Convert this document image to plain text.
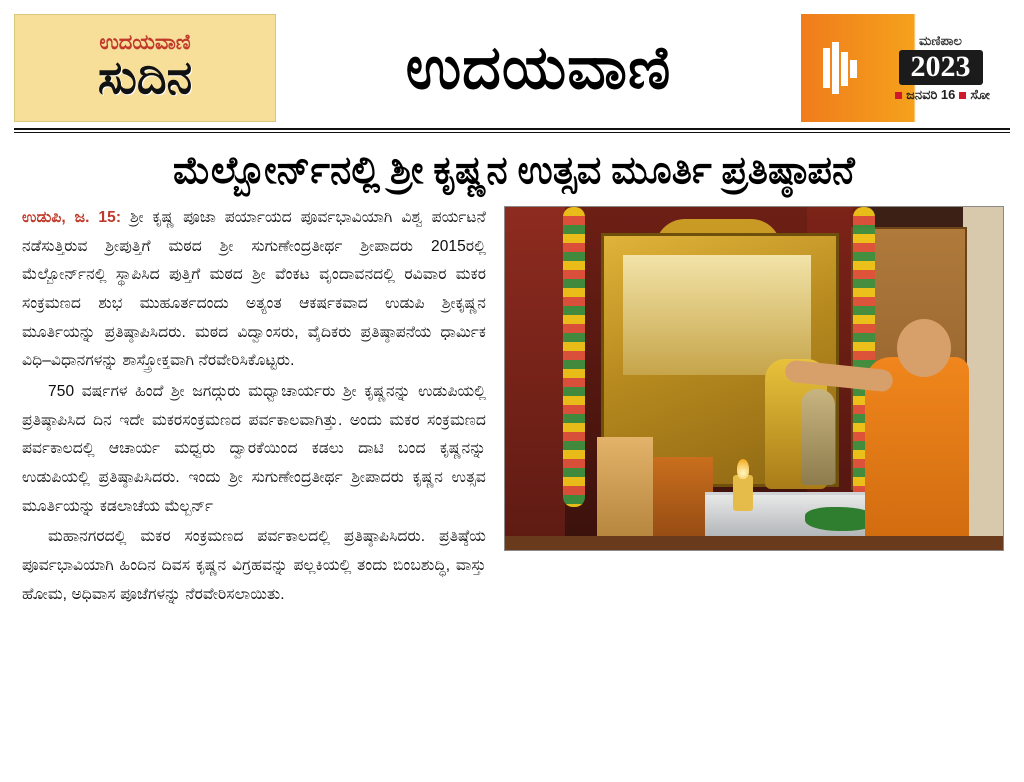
ಉದಯವಾಣಿ
ಸುದಿನ	ಉದಯವಾಣಿ	ಮಣಿಪಾಲ
2023
ಜನವರಿ 16 ಸೋ
ಮೆಲ್ಬೋರ್ನ್‌ನಲ್ಲಿ ಶ್ರೀ ಕೃಷ್ಣನ ಉತ್ಸವ ಮೂರ್ತಿ ಪ್ರತಿಷ್ಠಾಪನೆ

ಉಡುಪಿ, ಜ. 15: ಶ್ರೀ ಕೃಷ್ಣ ಪೂಜಾ ಪರ್ಯಾಯದ ಪೂರ್ವಭಾವಿಯಾಗಿ ವಿಶ್ವ ಪರ್ಯಟನೆ ನಡೆಸುತ್ತಿರುವ ಶ್ರೀಪುತ್ತಿಗೆ ಮಠದ ಶ್ರೀ ಸುಗುಣೇಂದ್ರತೀರ್ಥ ಶ್ರೀಪಾದರು 2015ರಲ್ಲಿ ಮೆಲ್ಬೋರ್ನ್‌ನಲ್ಲಿ ಸ್ಥಾಪಿಸಿದ ಪುತ್ತಿಗೆ ಮಠದ ಶ್ರೀ ವೆಂಕಟ ವೃಂದಾವನದಲ್ಲಿ ರವಿವಾರ ಮಕರ ಸಂಕ್ರಮಣದ ಶುಭ ಮುಹೂರ್ತದಂದು ಅತ್ಯಂತ ಆಕರ್ಷಕವಾದ ಉಡುಪಿ ಶ್ರೀಕೃಷ್ಣನ ಮೂರ್ತಿಯನ್ನು ಪ್ರತಿಷ್ಠಾಪಿಸಿದರು. ಮಠದ ವಿದ್ವಾಂಸರು, ವೈದಿಕರು ಪ್ರತಿಷ್ಠಾಪನೆಯ ಧಾರ್ಮಿಕ ವಿಧಿ–ವಿಧಾನಗಳನ್ನು ಶಾಸ್ತ್ರೋಕ್ತವಾಗಿ ನೆರವೇರಿಸಿಕೊಟ್ಟರು.

750 ವರ್ಷಗಳ ಹಿಂದೆ ಶ್ರೀ ಜಗದ್ಗುರು ಮಧ್ವಾಚಾರ್ಯರು ಶ್ರೀ ಕೃಷ್ಣನನ್ನು ಉಡುಪಿಯಲ್ಲಿ ಪ್ರತಿಷ್ಠಾಪಿಸಿದ ದಿನ ಇದೇ ಮಕರಸಂಕ್ರಮಣದ ಪರ್ವಕಾಲವಾಗಿತ್ತು. ಅಂದು ಮಕರ ಸಂಕ್ರಮಣದ ಪರ್ವಕಾಲದಲ್ಲಿ ಆಚಾರ್ಯ ಮಧ್ವರು ದ್ವಾರಕೆಯಿಂದ ಕಡಲು ದಾಟಿ ಬಂದ ಕೃಷ್ಣನನ್ನು ಉಡುಪಿಯಲ್ಲಿ ಪ್ರತಿಷ್ಠಾಪಿಸಿದರು. ಇಂದು ಶ್ರೀ ಸುಗುಣೇಂದ್ರತೀರ್ಥ ಶ್ರೀಪಾದರು ಕೃಷ್ಣನ ಉತ್ಸವ ಮೂರ್ತಿಯನ್ನು ಕಡಲಾಚೆಯ ಮೆಲ್ಬರ್ನ್

ಮಹಾನಗರದಲ್ಲಿ ಮಕರ ಸಂಕ್ರಮಣದ ಪರ್ವಕಾಲದಲ್ಲಿ ಪ್ರತಿಷ್ಠಾಪಿಸಿದರು. ಪ್ರತಿಷ್ಠೆಯ ಪೂರ್ವಭಾವಿಯಾಗಿ ಹಿಂದಿನ ದಿವಸ ಕೃಷ್ಣನ ವಿಗ್ರಹವನ್ನು ಪಲ್ಲಕಿಯಲ್ಲಿ ತಂದು ಬಿಂಬಶುದ್ಧಿ, ವಾಸ್ತು ಹೋಮ, ಅಧಿವಾಸ ಪೂಜೆಗಳನ್ನು ನೆರವೇರಿಸಲಾಯಿತು.
